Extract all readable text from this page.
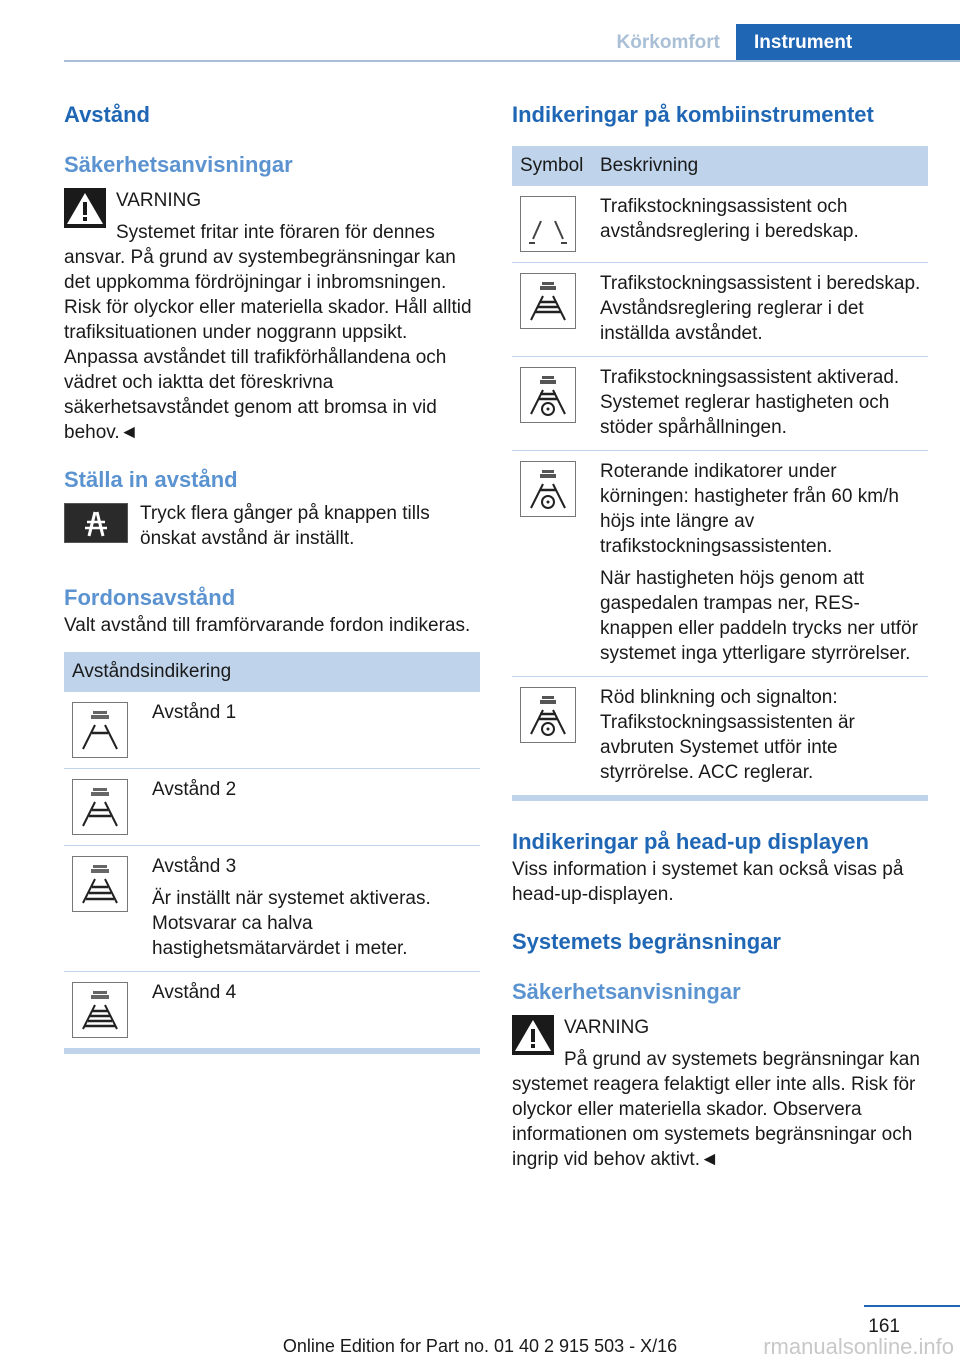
Körkomfort	Instrument
Avstånd
Säkerhetsanvisningar
VARNING

Systemet fritar inte föraren för dennes ansvar. På grund av systembegränsningar kan det uppkomma fördröjningar i inbromsningen. Risk för olyckor eller materiella skador. Håll alltid trafiksituationen under noggrann uppsikt. Anpassa avståndet till trafikförhållandena och vädret och iaktta det föreskrivna säkerhetsavståndet genom att bromsa in vid behov.◄

Ställa in avstånd

Tryck flera gånger på knappen tills önskat avstånd är inställt.

Fordonsavstånd

Valt avstånd till framförvarande fordon indikeras.

Avståndsindikering	

Avstånd 1

Avstånd 2

Avstånd 3

Är inställt när systemet aktiveras. Motsvarar ca halva hastighetsmätarvärdet i meter.

Avstånd 4

Indikeringar på kombiinstrumentet
Symbol	Beskrivning

Trafikstockningsassistent och avståndsreglering i beredskap.

Trafikstockningsassistent i beredskap. Avståndsreglering reglerar i det inställda avståndet.

Trafikstockningsassistent aktiverad. Systemet reglerar hastigheten och stöder spårhållningen.

Roterande indikatorer under körningen: hastigheter från 60 km/h höjs inte längre av trafikstockningsassistenten.

När hastigheten höjs genom att gaspedalen trampas ner, RES-knappen eller paddeln trycks ner utför systemet inga ytterligare styrrörelser.

Röd blinkning och signalton: Trafikstockningsassistenten är avbruten Systemet utför inte styrrörelse. ACC reglerar.

Indikeringar på head-up displayen

Viss information i systemet kan också visas på head-up-displayen.

Systemets begränsningar
Säkerhetsanvisningar
VARNING

På grund av systemets begränsningar kan systemet reagera felaktigt eller inte alls. Risk för olyckor eller materiella skador. Observera informationen om systemets begränsningar och ingrip vid behov aktivt.◄

161
rmanualsonline.info
Online Edition for Part no. 01 40 2 915 503 - X/16
